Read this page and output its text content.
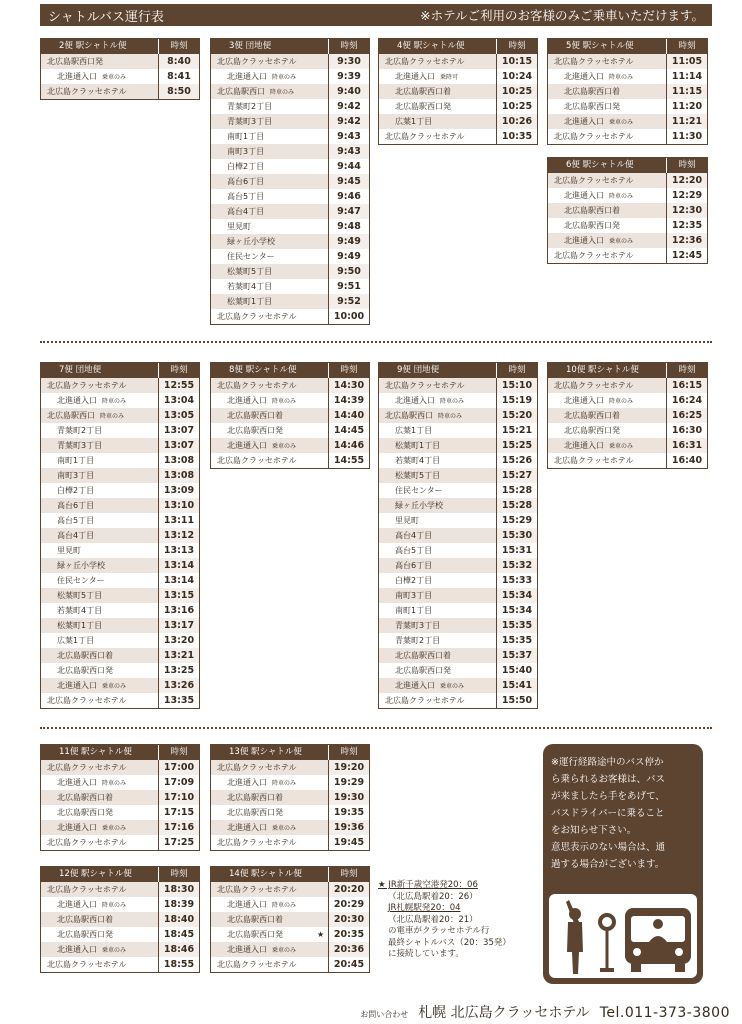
シャトルバス運行表	※ホテルご利用のお客様のみご乗車いただけます。
2便 駅シャトル便	時刻
北広島駅西口発	8:40
北進通入口 乗車のみ	8:41
北広島クラッセホテル	8:50
3便 団地便	時刻
北広島クラッセホテル	9:30
北進通入口 降車のみ	9:39
北広島駅西口 降車のみ	9:40
青葉町2丁目	9:42
青葉町3丁目	9:42
南町1丁目	9:43
南町3丁目	9:43
白樺2丁目	9:44
高台6丁目	9:45
高台5丁目	9:46
高台4丁目	9:47
里見町	9:48
緑ヶ丘小学校	9:49
住民センター	9:49
松葉町5丁目	9:50
若葉町4丁目	9:51
松葉町1丁目	9:52
北広島クラッセホテル	10:00
4便 駅シャトル便	時刻
北広島クラッセホテル	10:15
北進通入口 乗降可	10:24
北広島駅西口着	10:25
北広島駅西口発	10:25
広葉1丁目	10:26
北広島クラッセホテル	10:35
5便 駅シャトル便	時刻
北広島クラッセホテル	11:05
北進通入口 降車のみ	11:14
北広島駅西口着	11:15
北広島駅西口発	11:20
北進通入口 乗車のみ	11:21
北広島クラッセホテル	11:30
6便 駅シャトル便	時刻
北広島クラッセホテル	12:20
北進通入口 降車のみ	12:29
北広島駅西口着	12:30
北広島駅西口発	12:35
北進通入口 乗車のみ	12:36
北広島クラッセホテル	12:45
7便 団地便	時刻
北広島クラッセホテル	12:55
北進通入口 降車のみ	13:04
北広島駅西口 降車のみ	13:05
青葉町2丁目	13:07
青葉町3丁目	13:07
南町1丁目	13:08
南町3丁目	13:08
白樺2丁目	13:09
高台6丁目	13:10
高台5丁目	13:11
高台4丁目	13:12
里見町	13:13
緑ヶ丘小学校	13:14
住民センター	13:14
松葉町5丁目	13:15
若葉町4丁目	13:16
松葉町1丁目	13:17
広葉1丁目	13:20
北広島駅西口着	13:21
北広島駅西口発	13:25
北進通入口 乗車のみ	13:26
北広島クラッセホテル	13:35
8便 駅シャトル便	時刻
北広島クラッセホテル	14:30
北進通入口 降車のみ	14:39
北広島駅西口着	14:40
北広島駅西口発	14:45
北進通入口 乗車のみ	14:46
北広島クラッセホテル	14:55
9便 団地便	時刻
北広島クラッセホテル	15:10
北進通入口 降車のみ	15:19
北広島駅西口 降車のみ	15:20
広葉1丁目	15:21
松葉町1丁目	15:25
若葉町4丁目	15:26
松葉町5丁目	15:27
住民センター	15:28
緑ヶ丘小学校	15:28
里見町	15:29
高台4丁目	15:30
高台5丁目	15:31
高台6丁目	15:32
白樺2丁目	15:33
南町3丁目	15:34
南町1丁目	15:34
青葉町3丁目	15:35
青葉町2丁目	15:35
北広島駅西口着	15:37
北広島駅西口発	15:40
北進通入口 乗車のみ	15:41
北広島クラッセホテル	15:50
10便 駅シャトル便	時刻
北広島クラッセホテル	16:15
北進通入口 降車のみ	16:24
北広島駅西口着	16:25
北広島駅西口発	16:30
北進通入口 乗車のみ	16:31
北広島クラッセホテル	16:40
11便 駅シャトル便	時刻
北広島クラッセホテル	17:00
北進通入口 降車のみ	17:09
北広島駅西口着	17:10
北広島駅西口発	17:15
北進通入口 乗車のみ	17:16
北広島クラッセホテル	17:25
13便 駅シャトル便	時刻
北広島クラッセホテル	19:20
北進通入口 降車のみ	19:29
北広島駅西口着	19:30
北広島駅西口発	19:35
北進通入口 乗車のみ	19:36
北広島クラッセホテル	19:45
12便 駅シャトル便	時刻
北広島クラッセホテル	18:30
北進通入口 降車のみ	18:39
北広島駅西口着	18:40
北広島駅西口発	18:45
北進通入口 乗車のみ	18:46
北広島クラッセホテル	18:55
14便 駅シャトル便	時刻
北広島クラッセホテル	20:20
北進通入口 降車のみ	20:29
北広島駅西口着	20:30
北広島駅西口発	20:35
★
北進通入口 乗車のみ	20:36
北広島クラッセホテル	20:45
★ JR新千歳空港発20：06
（北広島駅着20：26）
JR札幌駅発20：04
（北広島駅着20：21）
の電車がクラッセホテル行
最終シャトルバス（20：35発）
に接続しています。
※運行経路途中のバス停か
ら乗られるお客様は、バス
が来ましたら手をあげて、
バスドライバーに乗ること
をお知らせ下さい。
意思表示のない場合は、通
過する場合がございます。
お問い合わせ 札幌 北広島クラッセホテル Tel.011-373-3800
